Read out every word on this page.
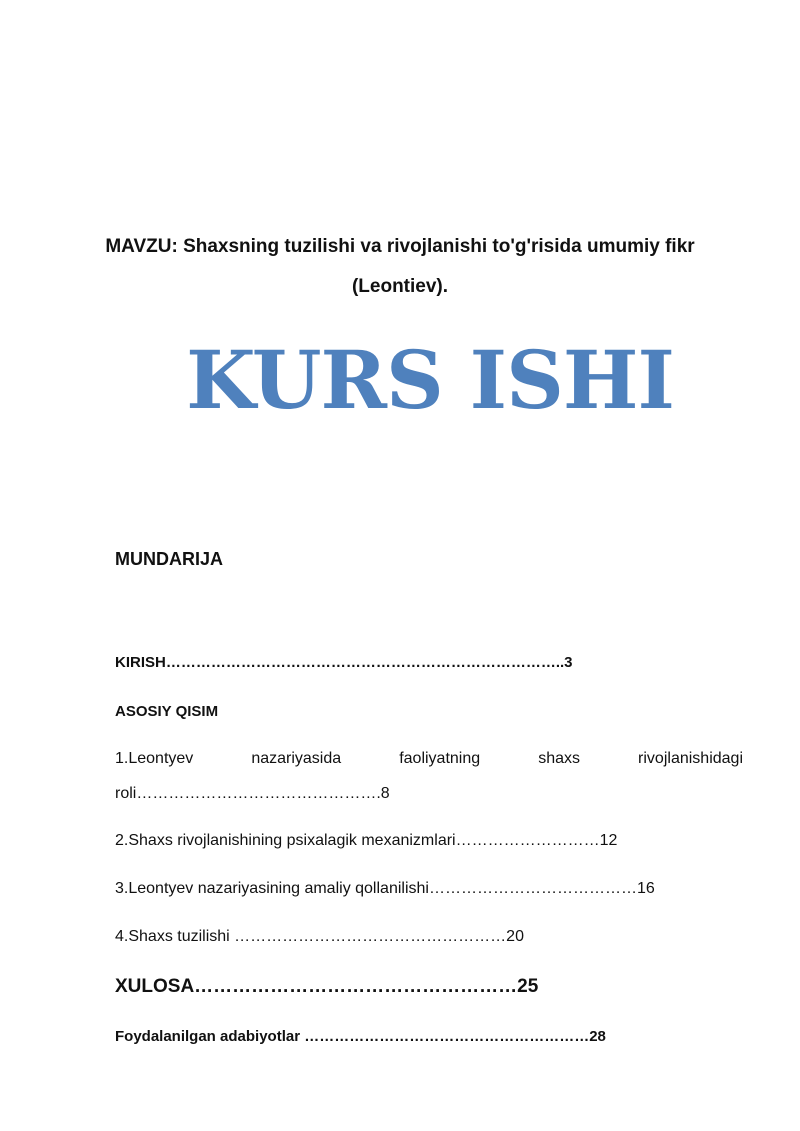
MAVZU: Shaxsning tuzilishi va rivojlanishi to'g'risida umumiy fikr
(Leontiev).
KURS ISHI
MUNDARIJA
KIRISH……………………………………………………………………..3
ASOSIY QISIM
1.Leontyev	nazariyasida	faoliyatning	shaxs	rivojlanishidagi
roli……………………………………….8
2.Shaxs rivojlanishining psixalagik mexanizmlari………………………12
3.Leontyev nazariyasining amaliy qollanilishi…………………………………16
4.Shaxs tuzilishi ……………………………………………20
XULOSA……………………………………………25
Foydalanilgan adabiyotlar …………………………………………………28
